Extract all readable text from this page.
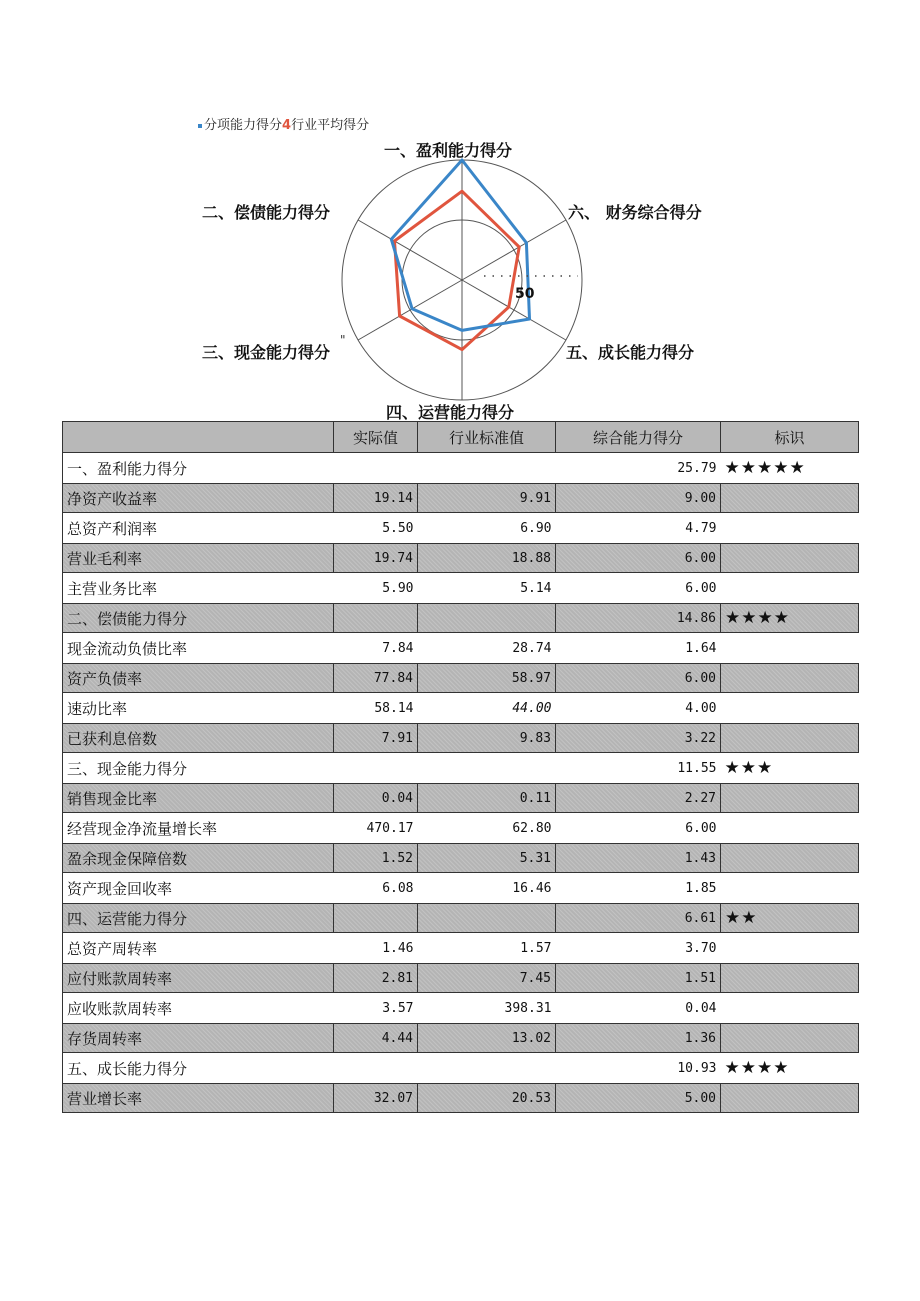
分项能力得分4行业平均得分
50
"
一、盈利能力得分
六、 财务综合得分
五、成长能力得分
四、运营能力得分
三、现金能力得分
二、偿债能力得分
	实际值	行业标准值	综合能力得分	标识
一、盈利能力得分			25.79	★★★★★
净资产收益率	19.14	9.91	9.00	
总资产利润率	5.50	6.90	4.79	
营业毛利率	19.74	18.88	6.00	
主营业务比率	5.90	5.14	6.00	
二、偿债能力得分			14.86	★★★★
现金流动负债比率	7.84	28.74	1.64	
资产负债率	77.84	58.97	6.00	
速动比率	58.14	44.00	4.00	
已获利息倍数	7.91	9.83	3.22	
三、现金能力得分			11.55	★★★
销售现金比率	0.04	0.11	2.27	
经营现金净流量增长率	470.17	62.80	6.00	
盈余现金保障倍数	1.52	5.31	1.43	
资产现金回收率	6.08	16.46	1.85	
四、运营能力得分			6.61	★★
总资产周转率	1.46	1.57	3.70	
应付账款周转率	2.81	7.45	1.51	
应收账款周转率	3.57	398.31	0.04	
存货周转率	4.44	13.02	1.36	
五、成长能力得分			10.93	★★★★
营业增长率	32.07	20.53	5.00	
